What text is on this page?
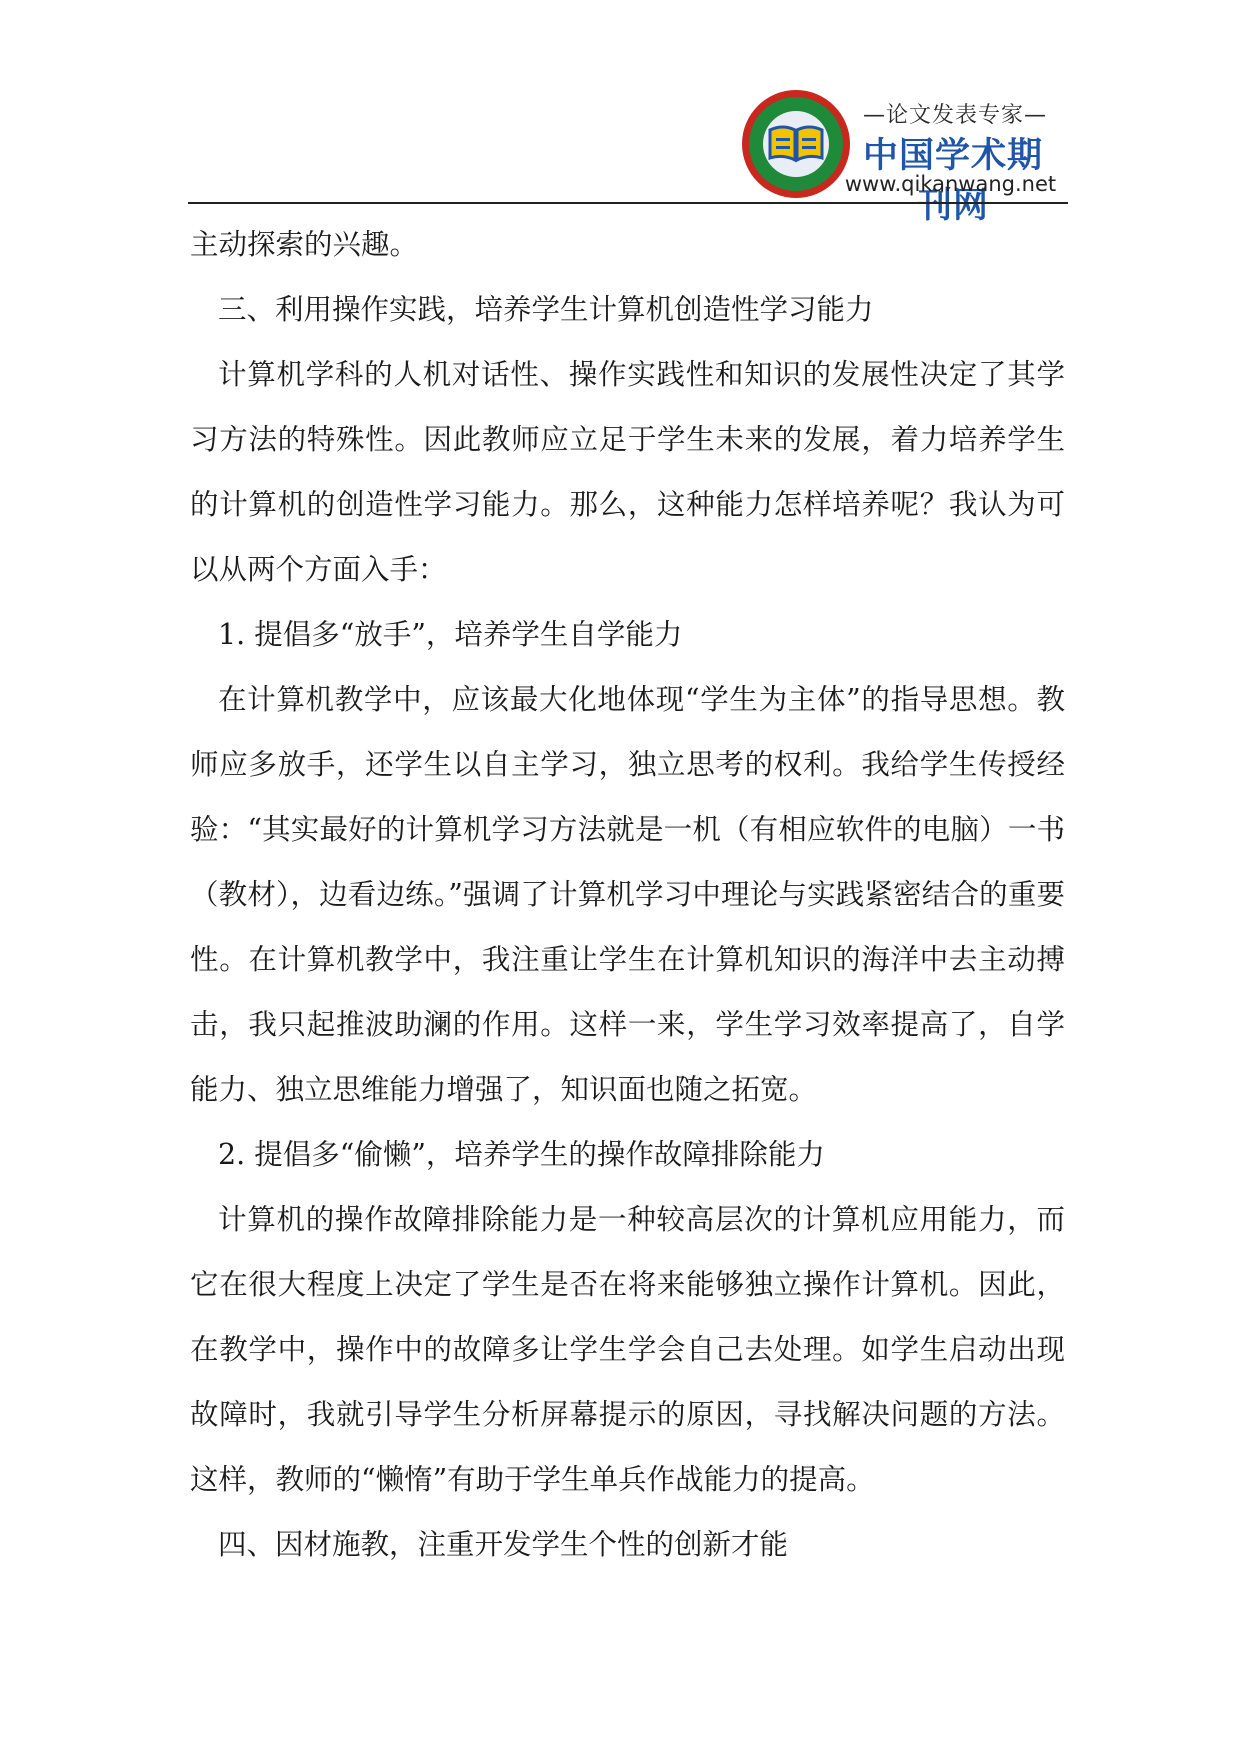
—论文发表专家—
中国学术期刊网
www.qikanwang.net

主动探索的兴趣。

三、利用操作实践，培养学生计算机创造性学习能力

计算机学科的人机对话性、操作实践性和知识的发展性决定了其学习方法的特殊性。因此教师应立足于学生未来的发展，着力培养学生的计算机的创造性学习能力。那么，这种能力怎样培养呢？我认为可以从两个方面入手：

1. 提倡多“放手”，培养学生自学能力

在计算机教学中，应该最大化地体现“学生为主体”的指导思想。教师应多放手，还学生以自主学习，独立思考的权利。我给学生传授经验：“其实最好的计算机学习方法就是一机（有相应软件的电脑）一书（教材），边看边练。”强调了计算机学习中理论与实践紧密结合的重要性。在计算机教学中，我注重让学生在计算机知识的海洋中去主动搏击，我只起推波助澜的作用。这样一来，学生学习效率提高了，自学能力、独立思维能力增强了，知识面也随之拓宽。

2. 提倡多“偷懒”，培养学生的操作故障排除能力

计算机的操作故障排除能力是一种较高层次的计算机应用能力，而它在很大程度上决定了学生是否在将来能够独立操作计算机。因此，在教学中，操作中的故障多让学生学会自己去处理。如学生启动出现故障时，我就引导学生分析屏幕提示的原因，寻找解决问题的方法。这样，教师的“懒惰”有助于学生单兵作战能力的提高。

四、因材施教，注重开发学生个性的创新才能
